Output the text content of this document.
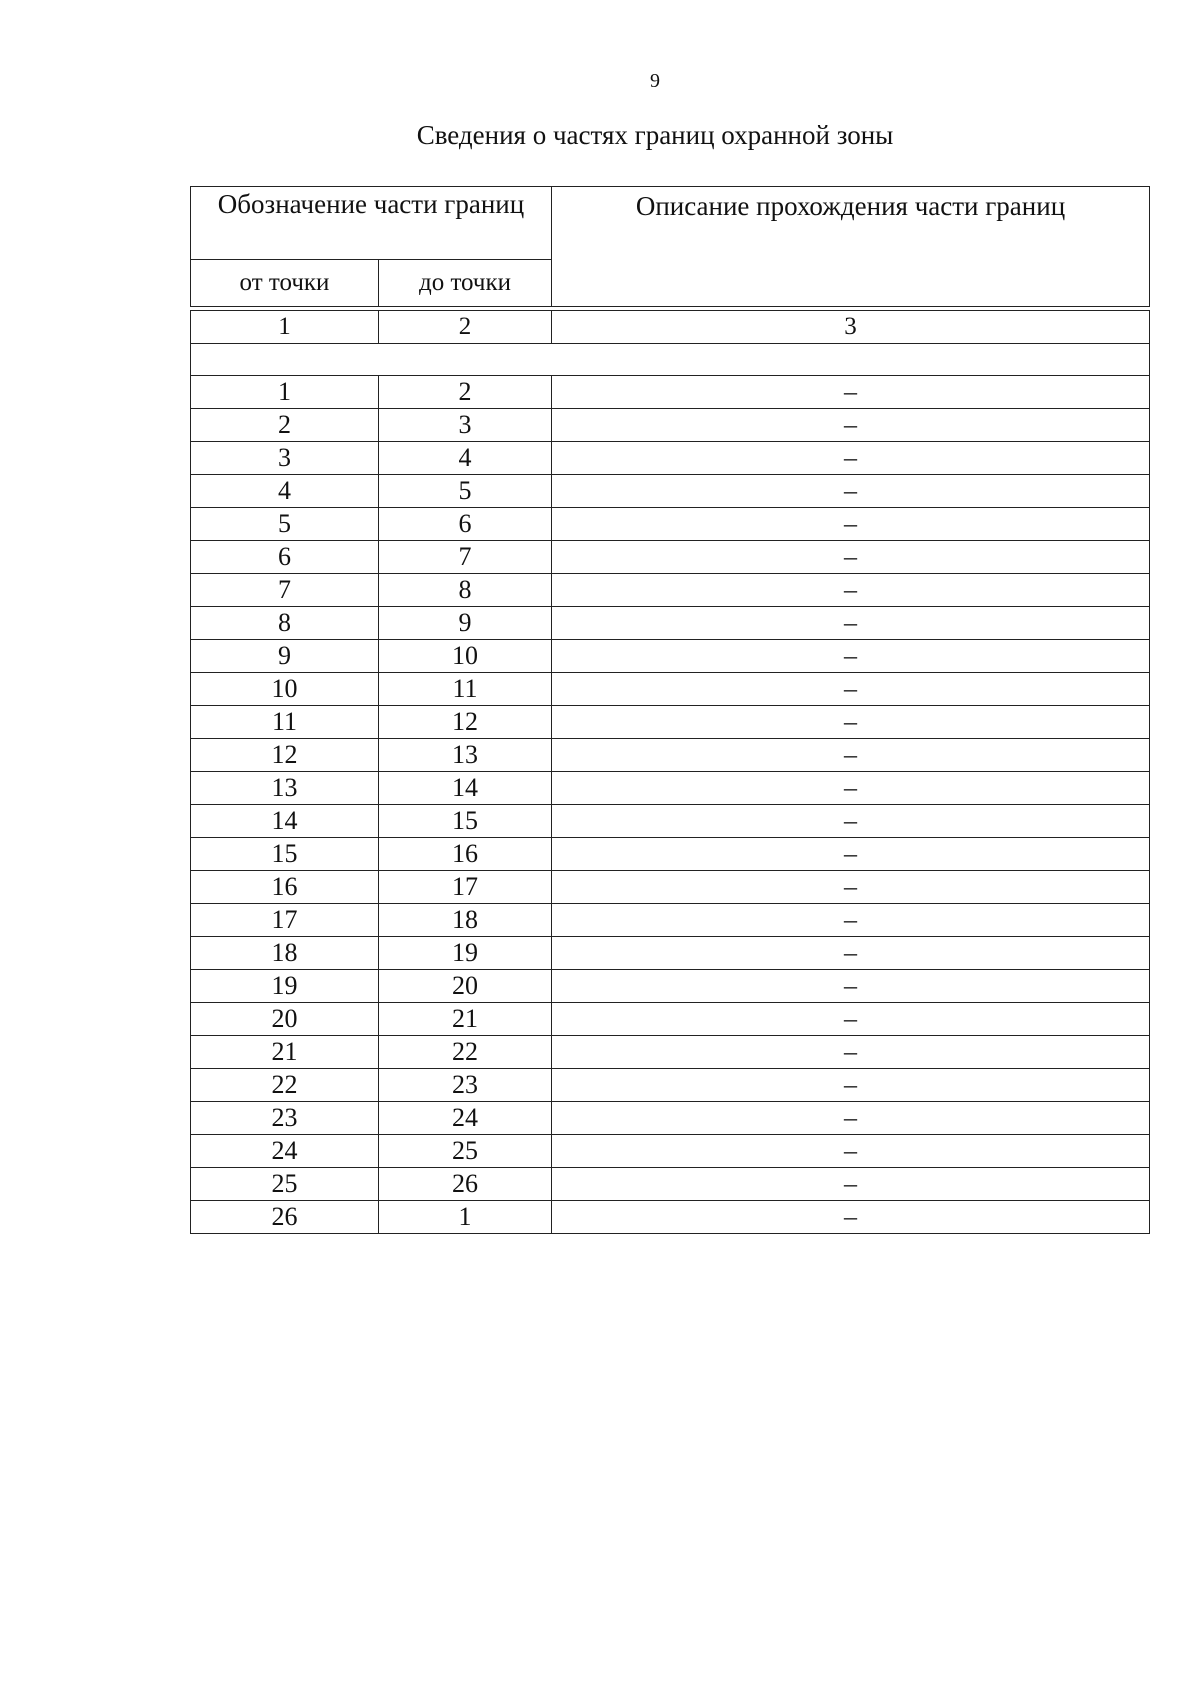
9
Сведения о частях границ охранной зоны
Обозначение части границ		Описание прохождения части границ
от точки	до точки	

1	2	3

1	2	–
2	3	–
3	4	–
4	5	–
5	6	–
6	7	–
7	8	–
8	9	–
9	10	–
10	11	–
11	12	–
12	13	–
13	14	–
14	15	–
15	16	–
16	17	–
17	18	–
18	19	–
19	20	–
20	21	–
21	22	–
22	23	–
23	24	–
24	25	–
25	26	–
26	1	–
